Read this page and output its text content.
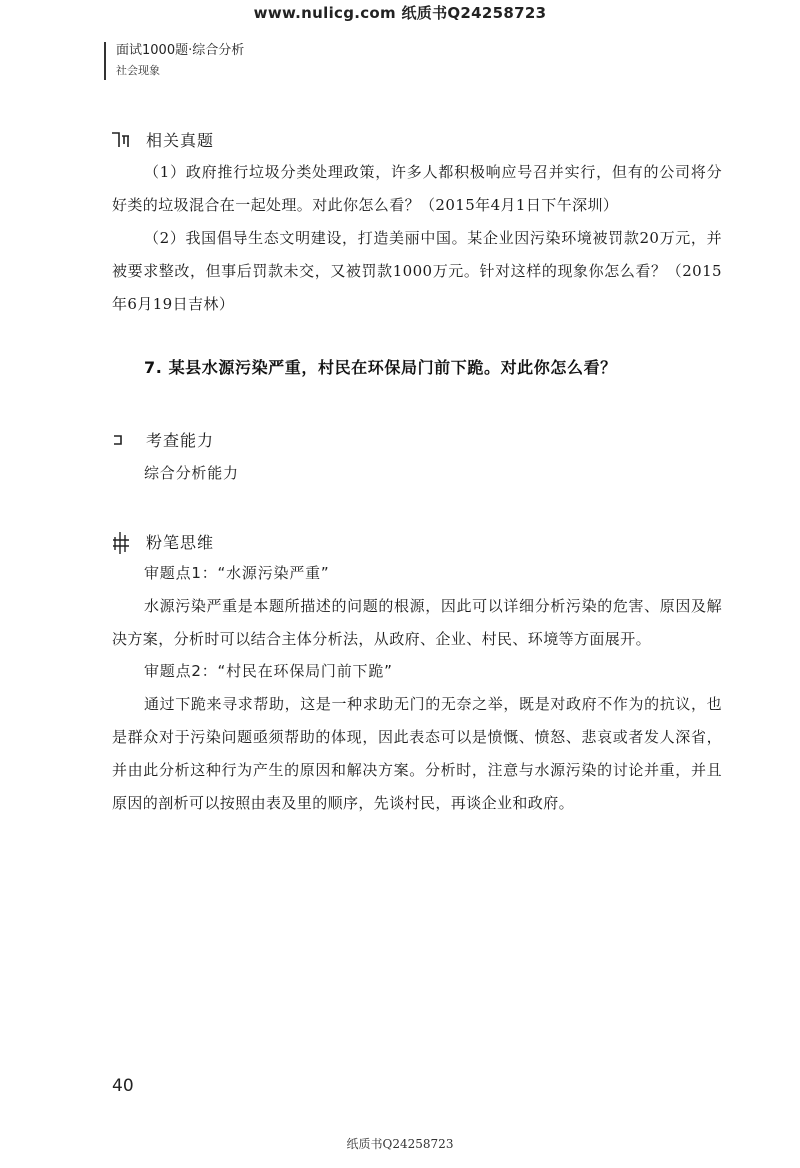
www.nulicg.com 纸质书Q24258723
面试1000题·综合分析
社会现象
相关真题
（1）政府推行垃圾分类处理政策，许多人都积极响应号召并实行，但有的公司将分好类的垃圾混合在一起处理。对此你怎么看？（2015年4月1日下午深圳）
（2）我国倡导生态文明建设，打造美丽中国。某企业因污染环境被罚款20万元，并被要求整改，但事后罚款未交，又被罚款1000万元。针对这样的现象你怎么看？（2015年6月19日吉林）
7. 某县水源污染严重，村民在环保局门前下跪。对此你怎么看？
考查能力
综合分析能力
粉笔思维
审题点1：“水源污染严重”
水源污染严重是本题所描述的问题的根源，因此可以详细分析污染的危害、原因及解决方案，分析时可以结合主体分析法，从政府、企业、村民、环境等方面展开。
审题点2：“村民在环保局门前下跪”
通过下跪来寻求帮助，这是一种求助无门的无奈之举，既是对政府不作为的抗议，也是群众对于污染问题亟须帮助的体现，因此表态可以是愤慨、愤怒、悲哀或者发人深省，并由此分析这种行为产生的原因和解决方案。分析时，注意与水源污染的讨论并重，并且原因的剖析可以按照由表及里的顺序，先谈村民，再谈企业和政府。
40
纸质书Q24258723
